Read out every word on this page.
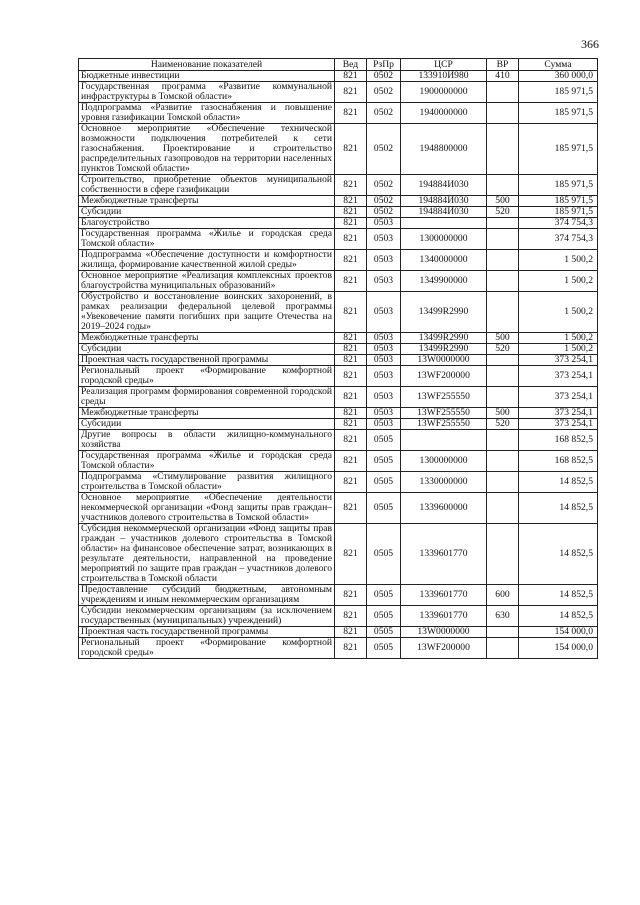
366
Наименование показателей	Вед	РзПр	ЦСР	ВР	Сумма
Бюджетные инвестиции	821	0502	133910И980	410	360 000,0
Государственная программа «Развитие коммунальной инфраструктуры в Томской области»	821	0502	1900000000		185 971,5
Подпрограмма «Развитие газоснабжения и повышение уровня газификации Томской области»	821	0502	1940000000		185 971,5
Основное мероприятие «Обеспечение технической возможности подключения потребителей к сети газоснабжения. Проектирование и строительство распределительных газопроводов на территории населенных пунктов Томской области»	821	0502	1948800000		185 971,5
Строительство, приобретение объектов муниципальной собственности в сфере газификации	821	0502	194884И030		185 971,5
Межбюджетные трансферты	821	0502	194884И030	500	185 971,5
Субсидии	821	0502	194884И030	520	185 971,5
Благоустройство	821	0503			374 754,3
Государственная программа «Жилье и городская среда Томской области»	821	0503	1300000000		374 754,3
Подпрограмма «Обеспечение доступности и комфортности жилища, формирование качественной жилой среды»	821	0503	1340000000		1 500,2
Основное мероприятие «Реализация комплексных проектов благоустройства муниципальных образований»	821	0503	1349900000		1 500,2
Обустройство и восстановление воинских захоронений, в рамках реализации федеральной целевой программы «Увековечение памяти погибших при защите Отечества на 2019–2024 годы»	821	0503	13499R2990		1 500,2
Межбюджетные трансферты	821	0503	13499R2990	500	1 500,2
Субсидии	821	0503	13499R2990	520	1 500,2
Проектная часть государственной программы	821	0503	13W0000000		373 254,1
Региональный проект «Формирование комфортной городской среды»	821	0503	13WF200000		373 254,1
Реализация программ формирования современной городской среды	821	0503	13WF255550		373 254,1
Межбюджетные трансферты	821	0503	13WF255550	500	373 254,1
Субсидии	821	0503	13WF255550	520	373 254,1
Другие вопросы в области жилищно-коммунального хозяйства	821	0505			168 852,5
Государственная программа «Жилье и городская среда Томской области»	821	0505	1300000000		168 852,5
Подпрограмма «Стимулирование развития жилищного строительства в Томской области»	821	0505	1330000000		14 852,5
Основное мероприятие «Обеспечение деятельности некоммерческой организации «Фонд защиты прав граждан–участников долевого строительства в Томской области»	821	0505	1339600000		14 852,5
Субсидия некоммерческой организации «Фонд защиты прав граждан – участников долевого строительства в Томской области» на финансовое обеспечение затрат, возникающих в результате деятельности, направленной на проведение мероприятий по защите прав граждан – участников долевого строительства в Томской области	821	0505	1339601770		14 852,5
Предоставление субсидий бюджетным, автономным учреждениям и иным некоммерческим организациям	821	0505	1339601770	600	14 852,5
Субсидии некоммерческим организациям (за исключением государственных (муниципальных) учреждений)	821	0505	1339601770	630	14 852,5
Проектная часть государственной программы	821	0505	13W0000000		154 000,0
Региональный проект «Формирование комфортной городской среды»	821	0505	13WF200000		154 000,0
